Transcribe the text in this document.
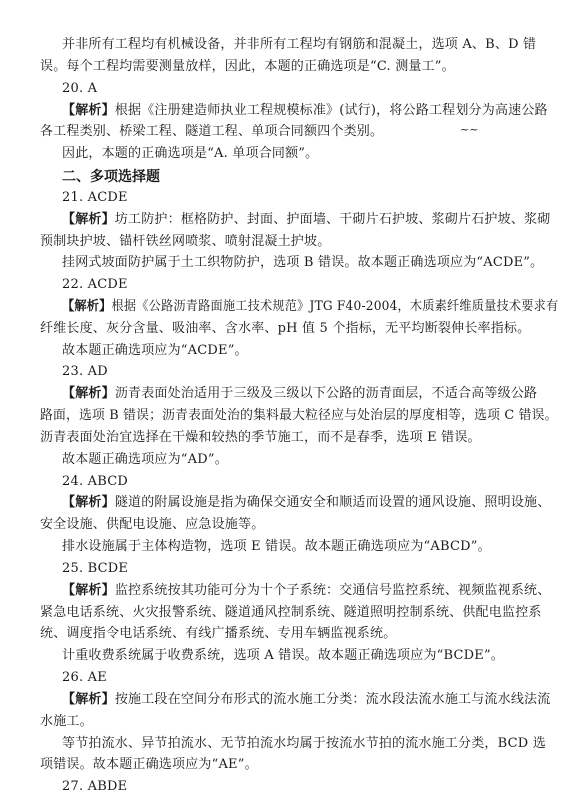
并非所有工程均有机械设备，并非所有工程均有钢筋和混凝土，选项 A、B、D 错
误。每个工程均需要测量放样，因此，本题的正确选项是“C. 测量工”。
20. A
【解析】根据《注册建造师执业工程规模标准》(试行)，将公路工程划分为高速公路
各工程类别、桥梁工程、隧道工程、单项合同额四个类别。	~~
因此，本题的正确选项是“A. 单项合同额”。
二、多项选择题
21. ACDE
【解析】坊工防护：框格防护、封面、护面墙、干砌片石护坡、浆砌片石护坡、浆砌
预制块护坡、锚杆铁丝网喷浆、喷射混凝土护坡。
挂网式坡面防护属于土工织物防护，选项 B 错误。故本题正确选项应为“ACDE”。
22. ACDE
【解析】根据《公路沥青路面施工技术规范》JTG F40-2004，木质素纤维质量技术要求有
纤维长度、灰分含量、吸油率、含水率、pH 值 5 个指标，无平均断裂伸长率指标。
故本题正确选项应为“ACDE”。
23. AD
【解析】沥青表面处治适用于三级及三级以下公路的沥青面层，不适合高等级公路
路面，选项 B 错误；沥青表面处治的集料最大粒径应与处治层的厚度相等，选项 C 错误。
沥青表面处治宜选择在干燥和较热的季节施工，而不是春季，选项 E 错误。
故本题正确选项应为“AD”。
24. ABCD
【解析】隧道的附属设施是指为确保交通安全和顺适而设置的通风设施、照明设施、
安全设施、供配电设施、应急设施等。
排水设施属于主体构造物，选项 E 错误。故本题正确选项应为“ABCD”。
25. BCDE
【解析】监控系统按其功能可分为十个子系统：交通信号监控系统、视频监视系统、
紧急电话系统、火灾报警系统、隧道通风控制系统、隧道照明控制系统、供配电监控系
统、调度指令电话系统、有线广播系统、专用车辆监视系统。
计重收费系统属于收费系统，选项 A 错误。故本题正确选项应为“BCDE”。
26. AE
【解析】按施工段在空间分布形式的流水施工分类：流水段法流水施工与流水线法流
水施工。
等节拍流水、异节拍流水、无节拍流水均属于按流水节拍的流水施工分类，BCD 选
项错误。故本题正确选项应为“AE”。
27. ABDE
